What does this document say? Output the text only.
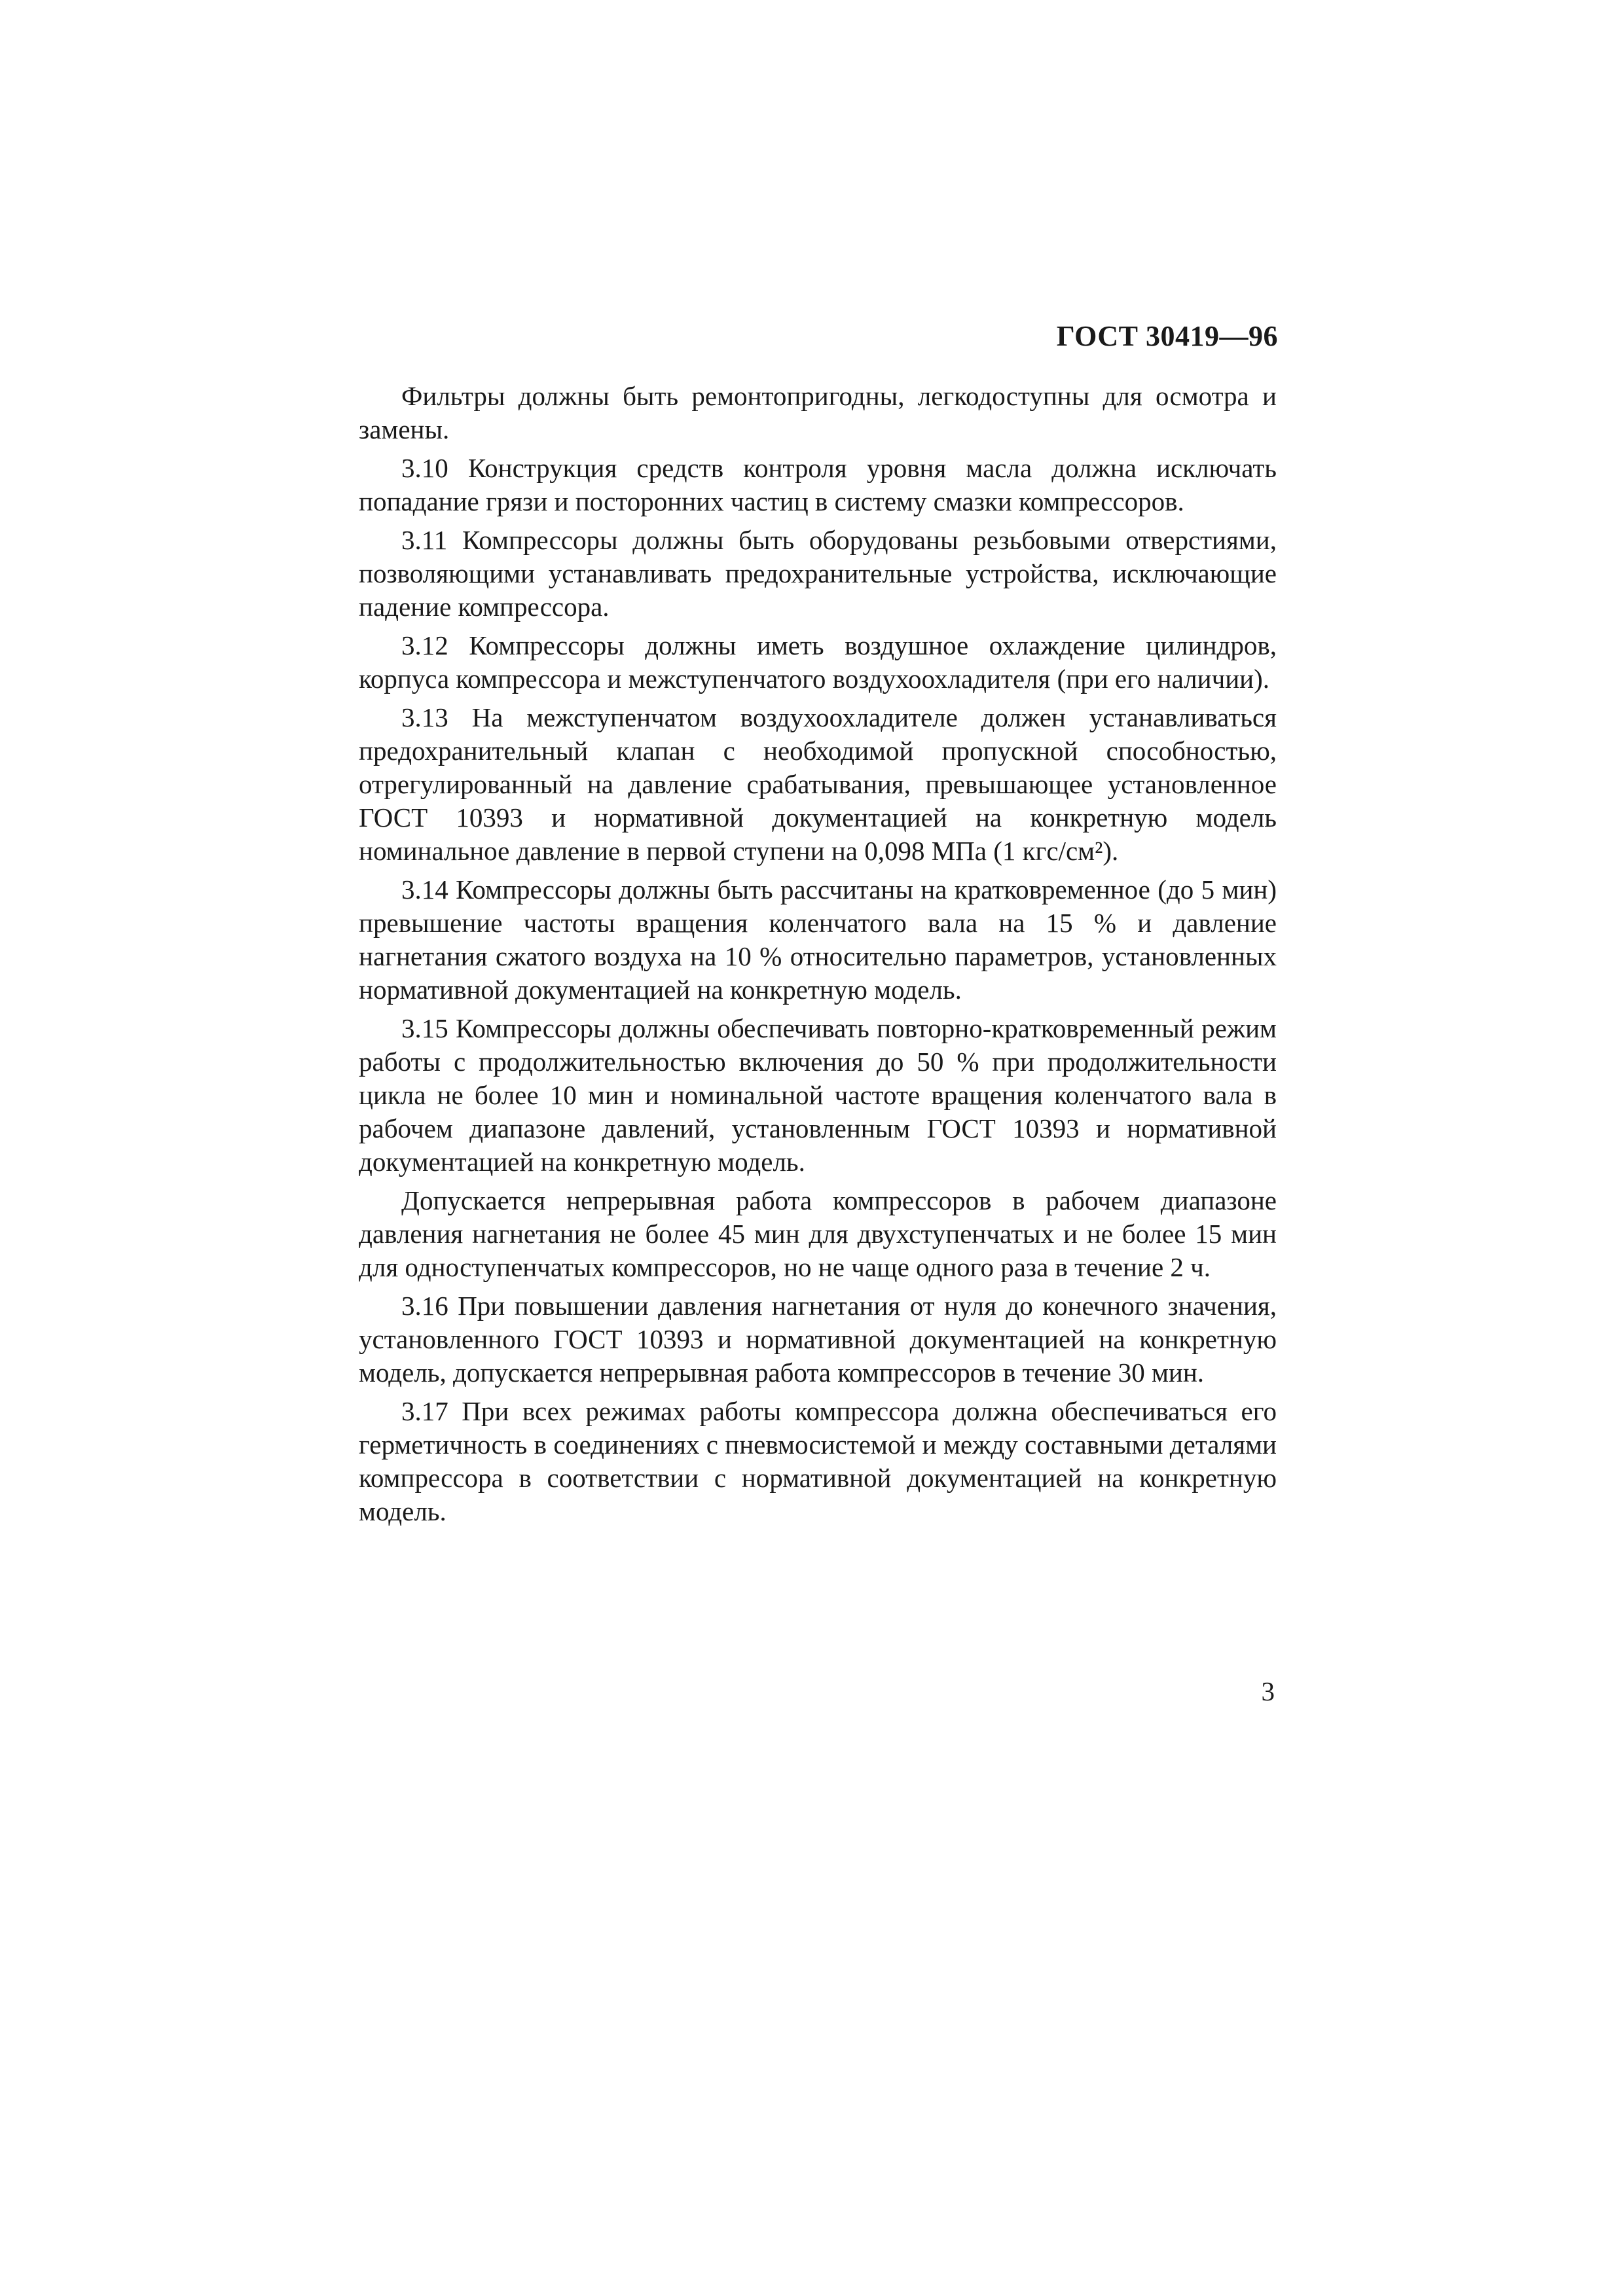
ГОСТ 30419—96

Фильтры должны быть ремонтопригодны, легкодоступны для осмотра и замены.

3.10 Конструкция средств контроля уровня масла должна исключать попадание грязи и посторонних частиц в систему смазки компрессоров.

3.11 Компрессоры должны быть оборудованы резьбовыми отверстиями, позволяющими устанавливать предохранительные устройства, исключающие падение компрессора.

3.12 Компрессоры должны иметь воздушное охлаждение цилиндров, корпуса компрессора и межступенчатого воздухоохладителя (при его наличии).

3.13 На межступенчатом воздухоохладителе должен устанавливаться предохранительный клапан с необходимой пропускной способностью, отрегулированный на давление срабатывания, превышающее установленное ГОСТ 10393 и нормативной документацией на конкретную модель номинальное давление в первой ступени на 0,098 МПа (1 кгс/см²).

3.14 Компрессоры должны быть рассчитаны на кратковременное (до 5 мин) превышение частоты вращения коленчатого вала на 15 % и давление нагнетания сжатого воздуха на 10 % относительно параметров, установленных нормативной документацией на конкретную модель.

3.15 Компрессоры должны обеспечивать повторно-кратковременный режим работы с продолжительностью включения до 50 % при продолжительности цикла не более 10 мин и номинальной частоте вращения коленчатого вала в рабочем диапазоне давлений, установленным ГОСТ 10393 и нормативной документацией на конкретную модель.

Допускается непрерывная работа компрессоров в рабочем диапазоне давления нагнетания не более 45 мин для двухступенчатых и не более 15 мин для одноступенчатых компрессоров, но не чаще одного раза в течение 2 ч.

3.16 При повышении давления нагнетания от нуля до конечного значения, установленного ГОСТ 10393 и нормативной документацией на конкретную модель, допускается непрерывная работа компрессоров в течение 30 мин.

3.17 При всех режимах работы компрессора должна обеспечиваться его герметичность в соединениях с пневмосистемой и между составными деталями компрессора в соответствии с нормативной документацией на конкретную модель.

3
